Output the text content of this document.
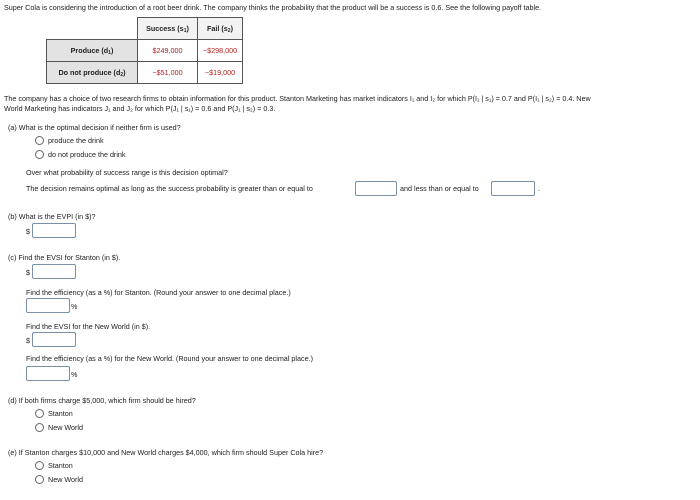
Super Cola is considering the introduction of a root beer drink. The company thinks the probability that the product will be a success is 0.6. See the following payoff table.
	Success $(s_1)$	Fail $(s_2)$
Produce $(d_1)$	$249,000	−$298,000
Do not produce $(d_2)$	−$51,000	−$19,000
The company has a choice of two research firms to obtain information for this product. Stanton Marketing has market indicators I₁ and I₂ for which P(I₁ | s₁) = 0.7 and P(I₁ | s₂) = 0.4. New
World Marketing has indicators J₁ and J₂ for which P(J₁ | s₁) = 0.6 and P(J₁ | s₂) = 0.3.
(a) What is the optimal decision if neither firm is used?
produce the drink
do not produce the drink
Over what probability of success range is this decision optimal?
The decision remains optimal as long as the success probability is greater than or equal to	and less than or equal to	.
(b) What is the EVPI (in $)?
$
(c) Find the EVSI for Stanton (in $).
$
Find the efficiency (as a %) for Stanton. (Round your answer to one decimal place.)
%
Find the EVSI for the New World (in $).
$
Find the efficiency (as a %) for the New World. (Round your answer to one decimal place.)
%
(d) If both firms charge $5,000, which firm should be hired?
Stanton
New World
(e) If Stanton charges $10,000 and New World charges $4,000, which firm should Super Cola hire?
Stanton
New World
